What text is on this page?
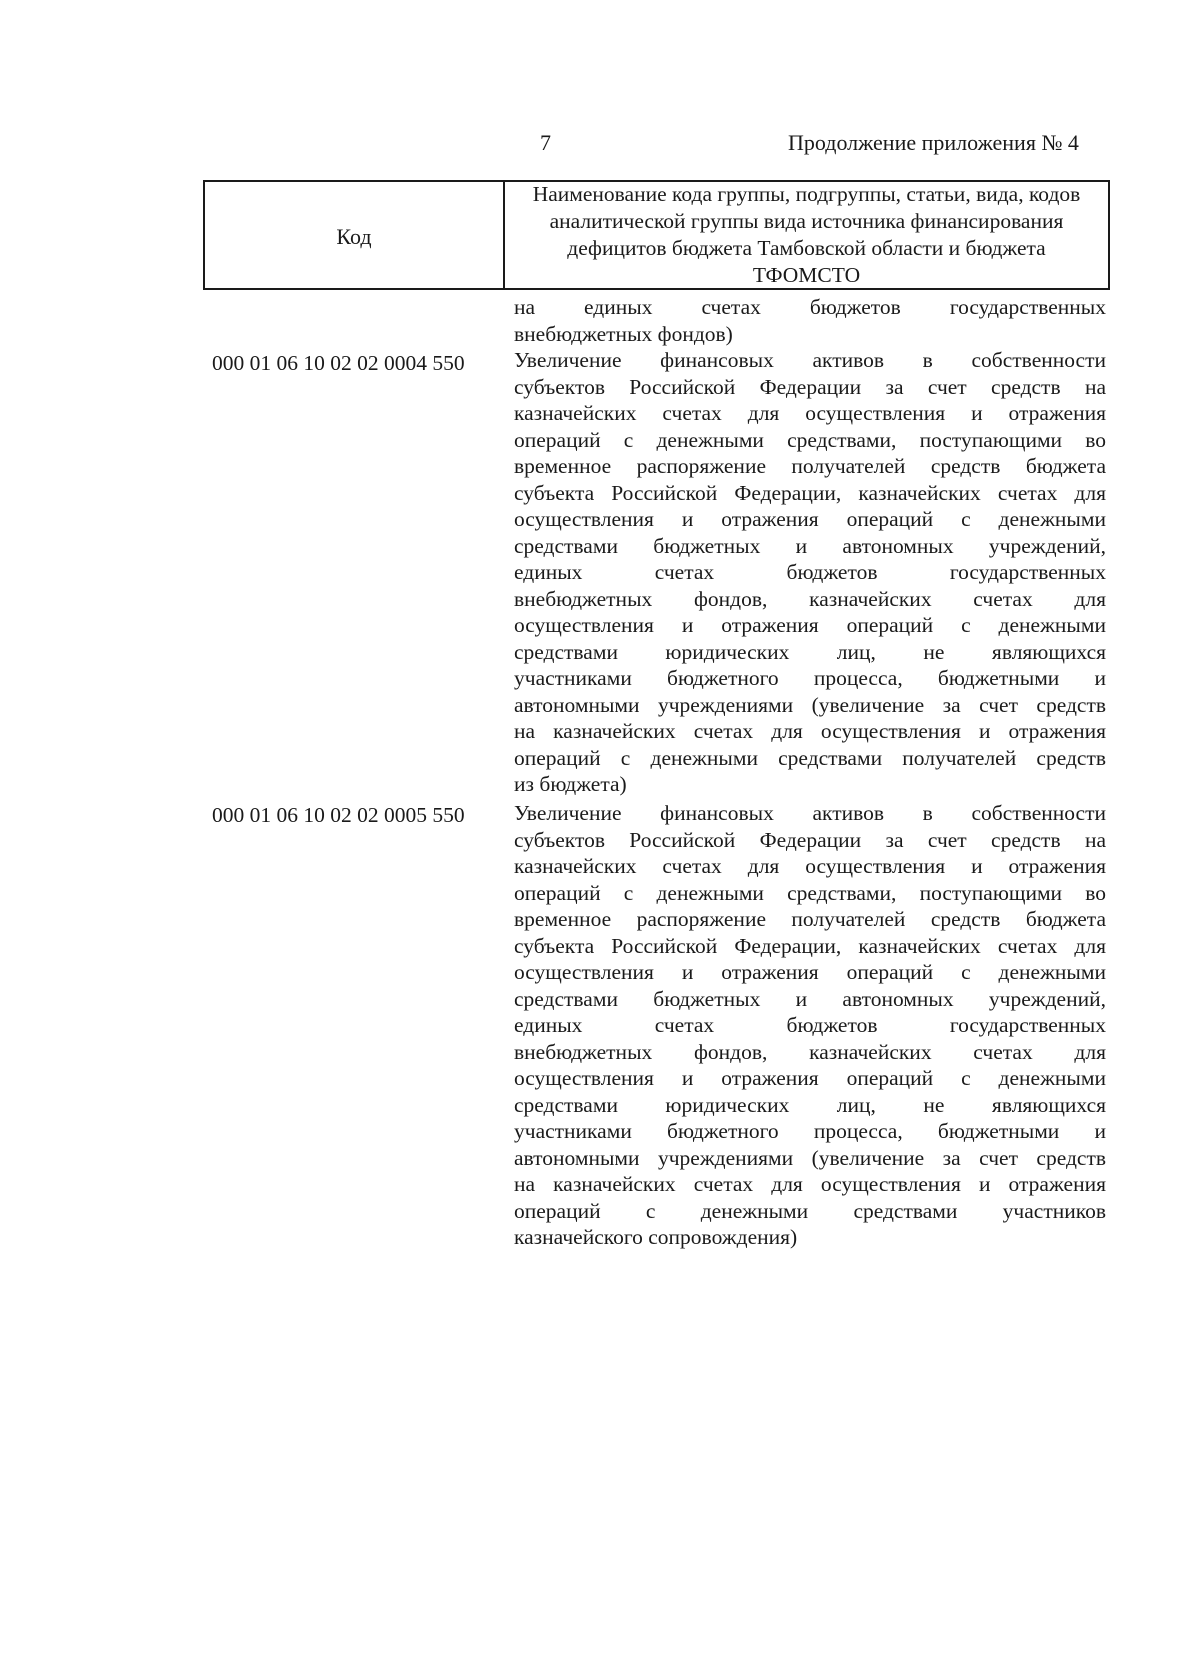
7	Продолжение приложения № 4
Код
Наименование кода группы, подгруппы, статьи, вида, кодов аналитической группы вида источника финансирования дефицитов бюджета Тамбовской области и бюджета ТФОМСТО
на единых счетах бюджетов государственных
внебюджетных фондов)
000 01 06 10 02 02 0004 550 Увеличение финансовых активов в собственности
субъектов Российской Федерации за счет средств на
казначейских счетах для осуществления и отражения
операций с денежными средствами, поступающими во
временное распоряжение получателей средств бюджета
субъекта Российской Федерации, казначейских счетах для
осуществления и отражения операций с денежными
средствами бюджетных и автономных учреждений,
единых счетах бюджетов государственных
внебюджетных фондов, казначейских счетах для
осуществления и отражения операций с денежными
средствами юридических лиц, не являющихся
участниками бюджетного процесса, бюджетными и
автономными учреждениями (увеличение за счет средств
на казначейских счетах для осуществления и отражения
операций с денежными средствами получателей средств
из бюджета)
000 01 06 10 02 02 0005 550 Увеличение финансовых активов в собственности
субъектов Российской Федерации за счет средств на
казначейских счетах для осуществления и отражения
операций с денежными средствами, поступающими во
временное распоряжение получателей средств бюджета
субъекта Российской Федерации, казначейских счетах для
осуществления и отражения операций с денежными
средствами бюджетных и автономных учреждений,
единых счетах бюджетов государственных
внебюджетных фондов, казначейских счетах для
осуществления и отражения операций с денежными
средствами юридических лиц, не являющихся
участниками бюджетного процесса, бюджетными и
автономными учреждениями (увеличение за счет средств
на казначейских счетах для осуществления и отражения
операций с денежными средствами участников
казначейского сопровождения)
